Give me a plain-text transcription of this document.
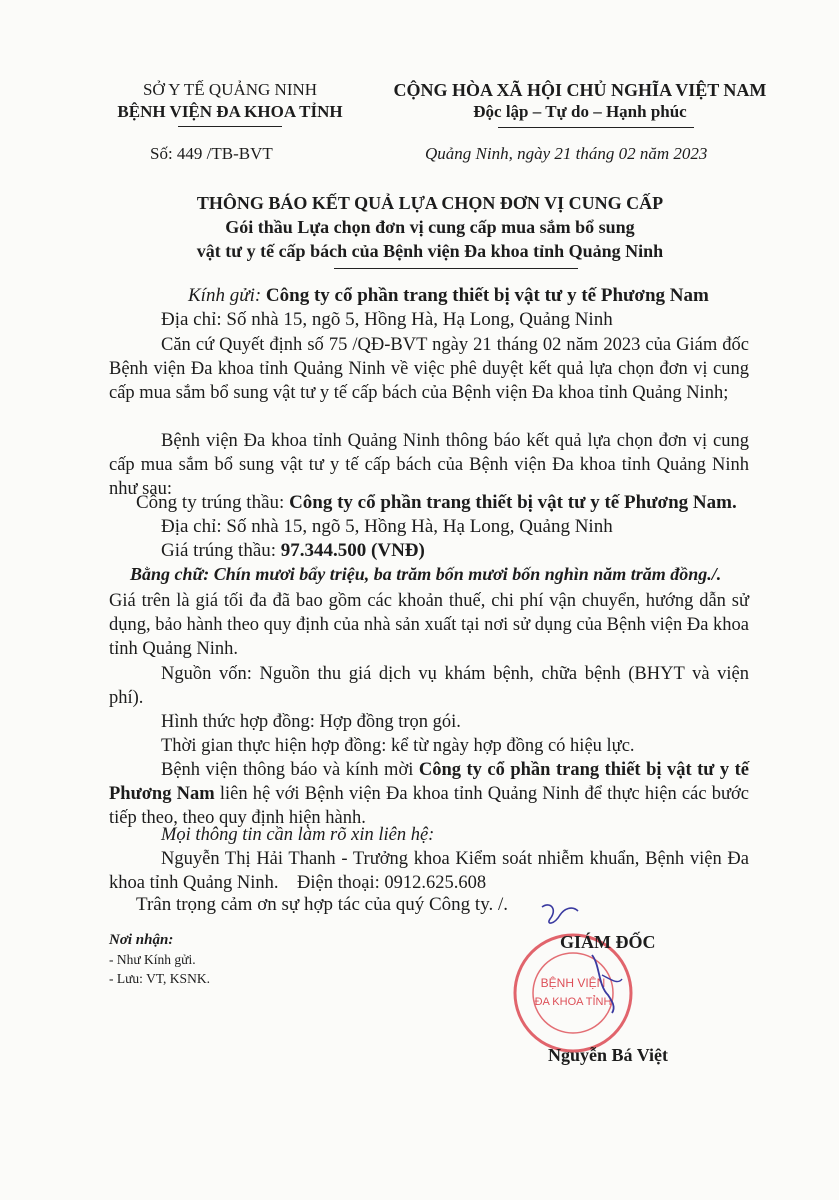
SỞ Y TẾ QUẢNG NINH
BỆNH VIỆN ĐA KHOA TỈNH
CỘNG HÒA XÃ HỘI CHỦ NGHĨA VIỆT NAM
Độc lập – Tự do – Hạnh phúc
Số: 449 /TB-BVT	Quảng Ninh, ngày 21 tháng 02 năm 2023
THÔNG BÁO KẾT QUẢ LỰA CHỌN ĐƠN VỊ CUNG CẤP
Gói thầu Lựa chọn đơn vị cung cấp mua sắm bổ sung
vật tư y tế cấp bách của Bệnh viện Đa khoa tỉnh Quảng Ninh
Kính gửi: Công ty cổ phần trang thiết bị vật tư y tế Phương Nam
Địa chỉ: Số nhà 15, ngõ 5, Hồng Hà, Hạ Long, Quảng Ninh
Căn cứ Quyết định số 75 /QĐ-BVT ngày 21 tháng 02 năm 2023 của Giám đốc Bệnh viện Đa khoa tỉnh Quảng Ninh về việc phê duyệt kết quả lựa chọn đơn vị cung cấp mua sắm bổ sung vật tư y tế cấp bách của Bệnh viện Đa khoa tỉnh Quảng Ninh;
Bệnh viện Đa khoa tỉnh Quảng Ninh thông báo kết quả lựa chọn đơn vị cung cấp mua sắm bổ sung vật tư y tế cấp bách của Bệnh viện Đa khoa tỉnh Quảng Ninh như sau:
Công ty trúng thầu: Công ty cổ phần trang thiết bị vật tư y tế Phương Nam.
Địa chỉ: Số nhà 15, ngõ 5, Hồng Hà, Hạ Long, Quảng Ninh
Giá trúng thầu: 97.344.500 (VNĐ)
Bằng chữ: Chín mươi bẩy triệu, ba trăm bốn mươi bốn nghìn năm trăm đồng./.
Giá trên là giá tối đa đã bao gồm các khoản thuế, chi phí vận chuyển, hướng dẫn sử dụng, bảo hành theo quy định của nhà sản xuất tại nơi sử dụng của Bệnh viện Đa khoa tỉnh Quảng Ninh.
Nguồn vốn: Nguồn thu giá dịch vụ khám bệnh, chữa bệnh (BHYT và viện phí).
Hình thức hợp đồng: Hợp đồng trọn gói.
Thời gian thực hiện hợp đồng: kể từ ngày hợp đồng có hiệu lực.
Bệnh viện thông báo và kính mời Công ty cổ phần trang thiết bị vật tư y tế Phương Nam liên hệ với Bệnh viện Đa khoa tỉnh Quảng Ninh để thực hiện các bước tiếp theo, theo quy định hiện hành.
Mọi thông tin cần làm rõ xin liên hệ:
Nguyễn Thị Hải Thanh - Trưởng khoa Kiểm soát nhiễm khuẩn, Bệnh viện Đa khoa tỉnh Quảng Ninh.    Điện thoại: 0912.625.608
Trân trọng cảm ơn sự hợp tác của quý Công ty. /.
Nơi nhận:
- Như Kính gửi.
- Lưu: VT, KSNK.	BỆNH VIỆN
ĐA KHOA TỈNH
GIÁM ĐỐC
Nguyễn Bá Việt
